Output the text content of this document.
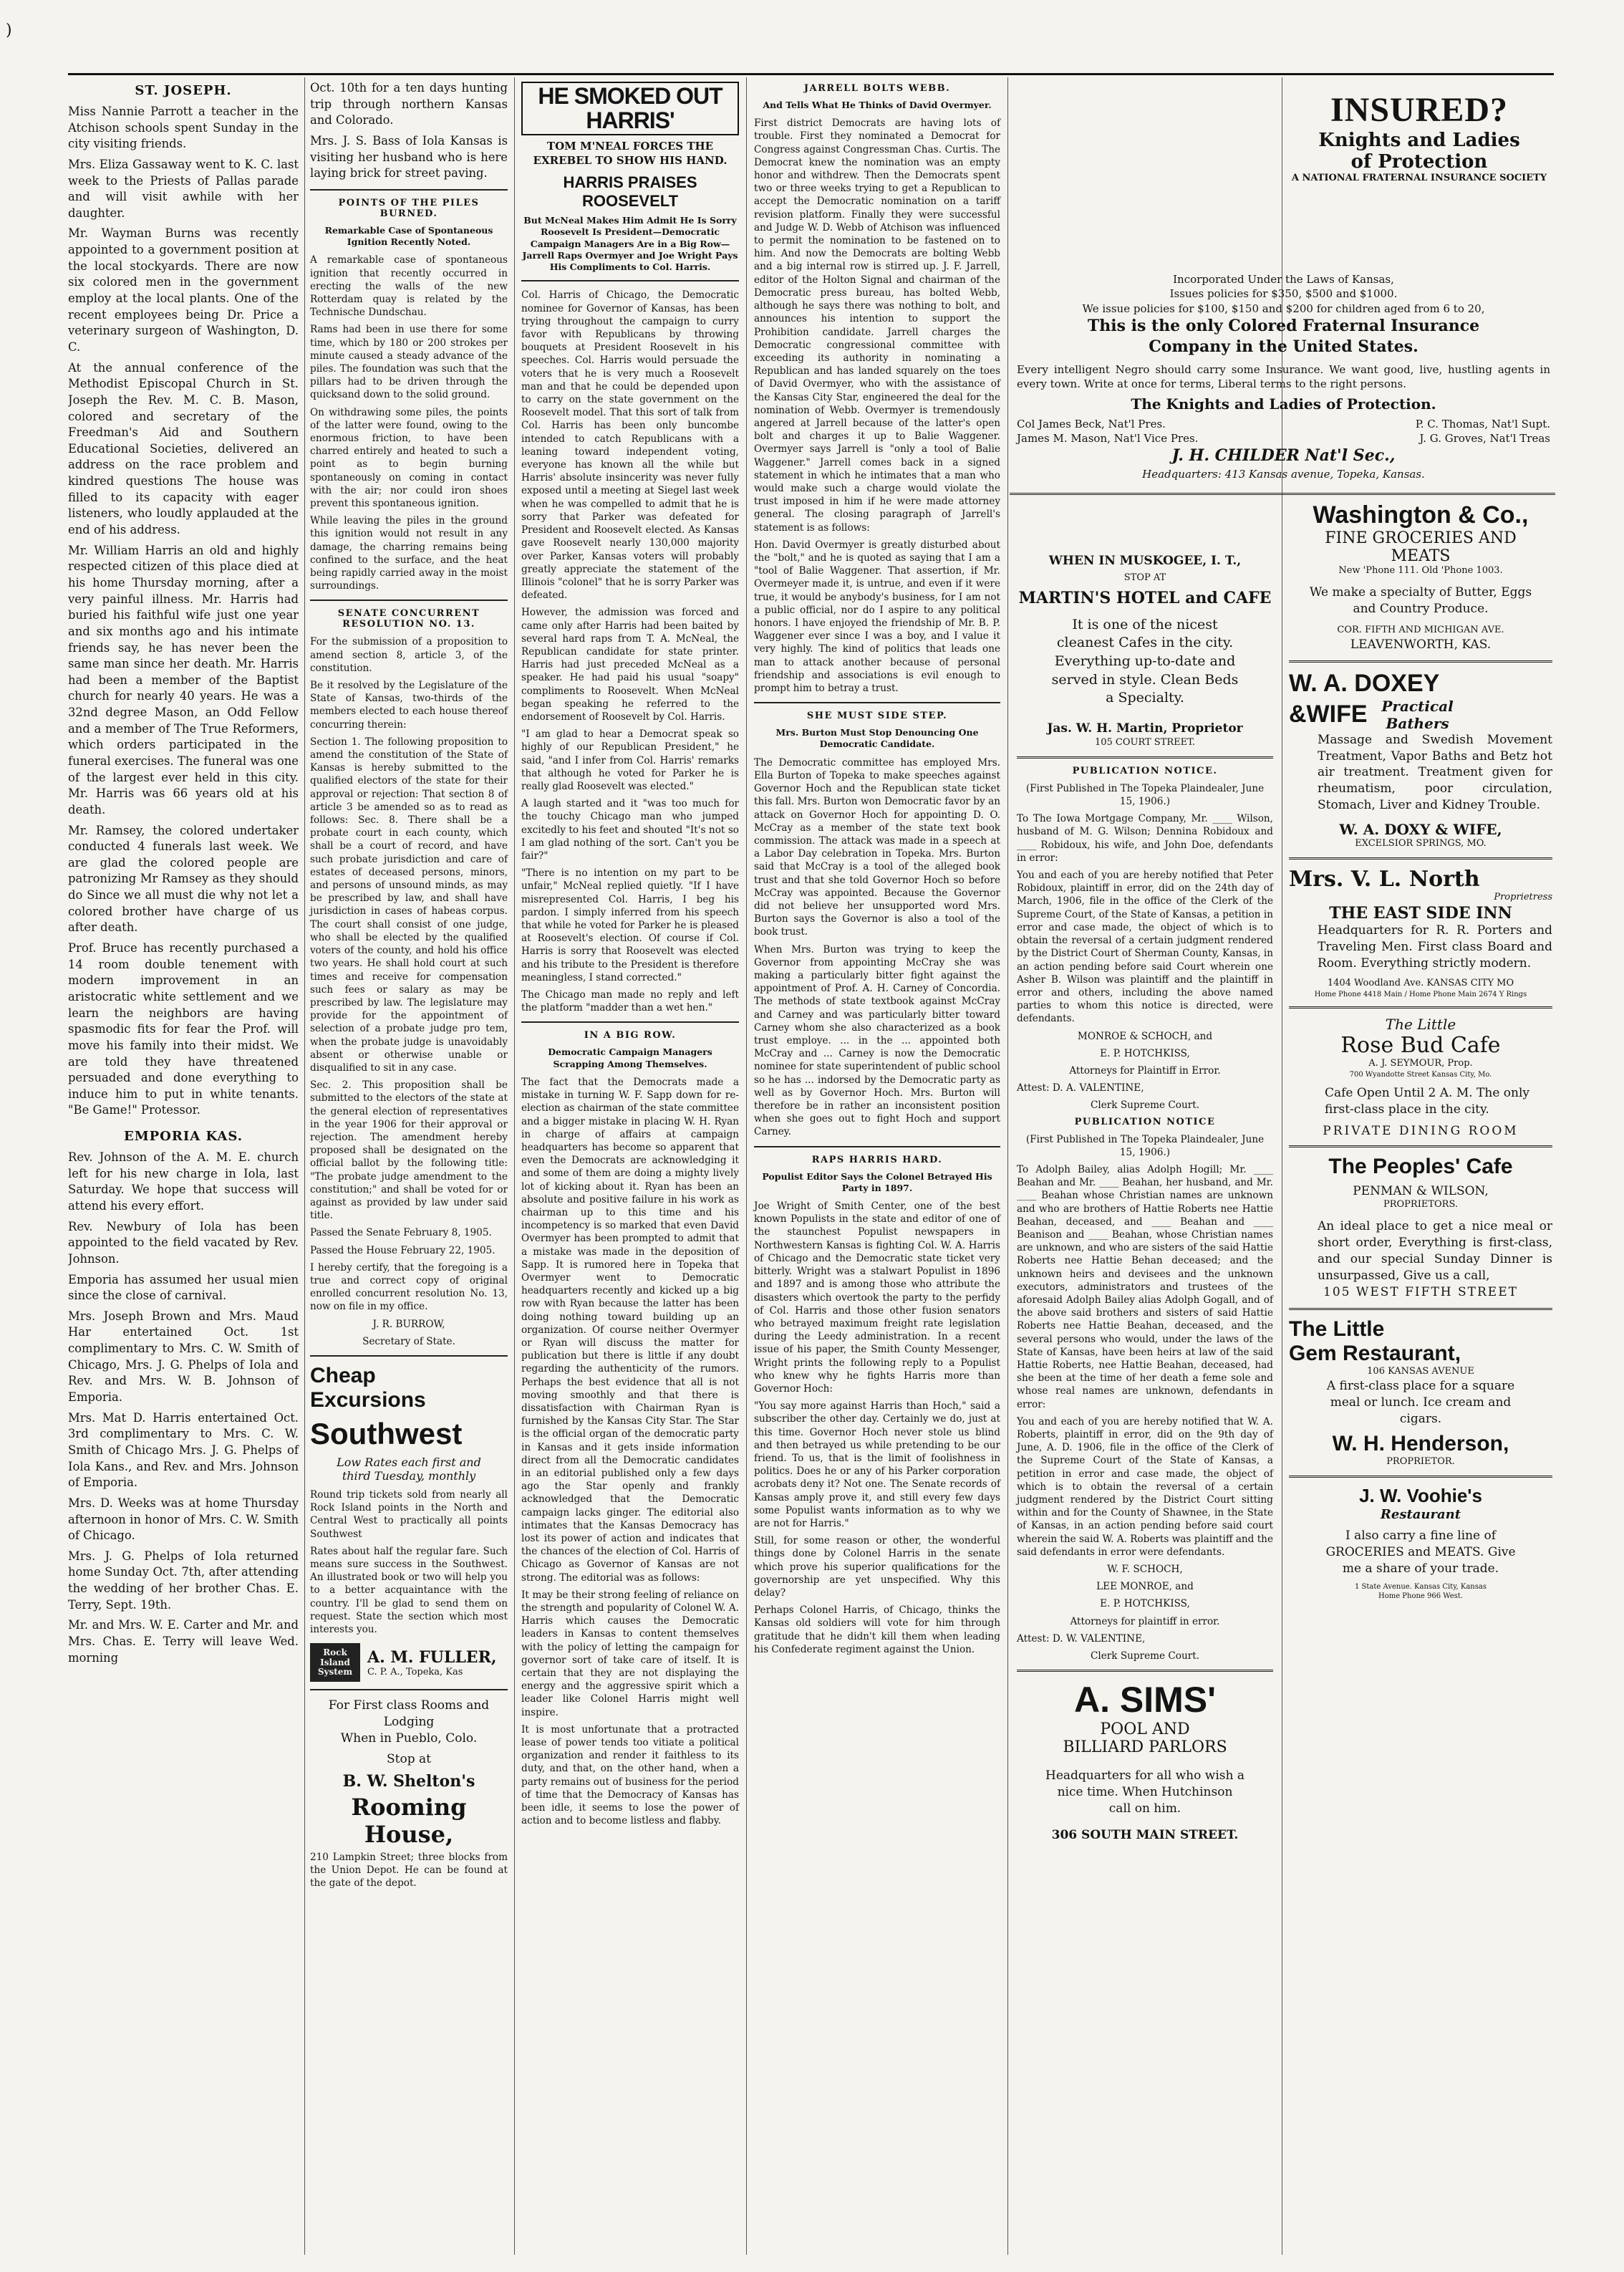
)
ST. JOSEPH.

Miss Nannie Parrott a teacher in the Atchison schools spent Sunday in the city visiting friends.

Mrs. Eliza Gassaway went to K. C. last week to the Priests of Pallas parade and will visit awhile with her daughter.

Mr. Wayman Burns was recently appointed to a government position at the local stockyards. There are now six colored men in the government employ at the local plants. One of the recent employees being Dr. Price a veterinary surgeon of Washington, D. C.

At the annual conference of the Methodist Episcopal Church in St. Joseph the Rev. M. C. B. Mason, colored and secretary of the Freedman's Aid and Southern Educational Societies, delivered an address on the race problem and kindred questions The house was filled to its capacity with eager listeners, who loudly applauded at the end of his address.

Mr. William Harris an old and highly respected citizen of this place died at his home Thursday morning, after a very painful illness. Mr. Harris had buried his faithful wife just one year and six months ago and his intimate friends say, he has never been the same man since her death. Mr. Harris had been a member of the Baptist church for nearly 40 years. He was a 32nd degree Mason, an Odd Fellow and a member of The True Reformers, which orders participated in the funeral exercises. The funeral was one of the largest ever held in this city. Mr. Harris was 66 years old at his death.

Mr. Ramsey, the colored undertaker conducted 4 funerals last week. We are glad the colored people are patronizing Mr Ramsey as they should do Since we all must die why not let a colored brother have charge of us after death.

Prof. Bruce has recently purchased a 14 room double tenement with modern improvement in an aristocratic white settlement and we learn the neighbors are having spasmodic fits for fear the Prof. will move his family into their midst. We are told they have threatened persuaded and done everything to induce him to put in white tenants. "Be Game!" Protessor.

EMPORIA KAS.

Rev. Johnson of the A. M. E. church left for his new charge in Iola, last Saturday. We hope that success will attend his every effort.

Rev. Newbury of Iola has been appointed to the field vacated by Rev. Johnson.

Emporia has assumed her usual mien since the close of carnival.

Mrs. Joseph Brown and Mrs. Maud Har entertained Oct. 1st complimentary to Mrs. C. W. Smith of Chicago, Mrs. J. G. Phelps of Iola and Rev. and Mrs. W. B. Johnson of Emporia.

Mrs. Mat D. Harris entertained Oct. 3rd complimentary to Mrs. C. W. Smith of Chicago Mrs. J. G. Phelps of Iola Kans., and Rev. and Mrs. Johnson of Emporia.

Mrs. D. Weeks was at home Thursday afternoon in honor of Mrs. C. W. Smith of Chicago.

Mrs. J. G. Phelps of Iola returned home Sunday Oct. 7th, after attending the wedding of her brother Chas. E. Terry, Sept. 19th.

Mr. and Mrs. W. E. Carter and Mr. and Mrs. Chas. E. Terry will leave Wed. morning

Oct. 10th for a ten days hunting trip through northern Kansas and Colorado.

Mrs. J. S. Bass of Iola Kansas is visiting her husband who is here laying brick for street paving.

POINTS OF THE PILES BURNED.
Remarkable Case of Spontaneous Ignition Recently Noted.

A remarkable case of spontaneous ignition that recently occurred in erecting the walls of the new Rotterdam quay is related by the Technische Dundschau.

Rams had been in use there for some time, which by 180 or 200 strokes per minute caused a steady advance of the piles. The foundation was such that the pillars had to be driven through the quicksand down to the solid ground.

On withdrawing some piles, the points of the latter were found, owing to the enormous friction, to have been charred entirely and heated to such a point as to begin burning spontaneously on coming in contact with the air; nor could iron shoes prevent this spontaneous ignition.

While leaving the piles in the ground this ignition would not result in any damage, the charring remains being confined to the surface, and the heat being rapidly carried away in the moist surroundings.

SENATE CONCURRENT RESOLUTION NO. 13.

For the submission of a proposition to amend section 8, article 3, of the constitution.

Be it resolved by the Legislature of the State of Kansas, two-thirds of the members elected to each house thereof concurring therein:

Section 1. The following proposition to amend the constitution of the State of Kansas is hereby submitted to the qualified electors of the state for their approval or rejection: That section 8 of article 3 be amended so as to read as follows: Sec. 8. There shall be a probate court in each county, which shall be a court of record, and have such probate jurisdiction and care of estates of deceased persons, minors, and persons of unsound minds, as may be prescribed by law, and shall have jurisdiction in cases of habeas corpus. The court shall consist of one judge, who shall be elected by the qualified voters of the county, and hold his office two years. He shall hold court at such times and receive for compensation such fees or salary as may be prescribed by law. The legislature may provide for the appointment of selection of a probate judge pro tem, when the probate judge is unavoidably absent or otherwise unable or disqualified to sit in any case.

Sec. 2. This proposition shall be submitted to the electors of the state at the general election of representatives in the year 1906 for their approval or rejection. The amendment hereby proposed shall be designated on the official ballot by the following title: "The probate judge amendment to the constitution;" and shall be voted for or against as provided by law under said title.

Passed the Senate February 8, 1905.

Passed the House February 22, 1905.

I hereby certify, that the foregoing is a true and correct copy of original enrolled concurrent resolution No. 13, now on file in my office.

J. R. BURROW,

Secretary of State.

Cheap
Excursions
Southwest
Low Rates each first and
third Tuesday, monthly

Round trip tickets sold from nearly all Rock Island points in the North and Central West to practically all points Southwest

Rates about half the regular fare. Such means sure success in the Southwest. An illustrated book or two will help you to a better acquaintance with the country. I'll be glad to send them on request. State the section which most interests you.

Rock Island System
A. M. FULLER,
C. P. A., Topeka, Kas
For First class Rooms and Lodging
When in Pueblo, Colo.
Stop at
B. W. Shelton's
Rooming House,

210 Lampkin Street; three blocks from the Union Depot. He can be found at the gate of the depot.

HE SMOKED OUT HARRIS'
TOM M'NEAL FORCES THE EXREBEL TO SHOW HIS HAND.
HARRIS PRAISES ROOSEVELT
But McNeal Makes Him Admit He Is Sorry Roosevelt Is President—Democratic Campaign Managers Are in a Big Row—Jarrell Raps Overmyer and Joe Wright Pays His Compliments to Col. Harris.

Col. Harris of Chicago, the Democratic nominee for Governor of Kansas, has been trying throughout the campaign to curry favor with Republicans by throwing bouquets at President Roosevelt in his speeches. Col. Harris would persuade the voters that he is very much a Roosevelt man and that he could be depended upon to carry on the state government on the Roosevelt model. That this sort of talk from Col. Harris has been only buncombe intended to catch Republicans with a leaning toward independent voting, everyone has known all the while but Harris' absolute insincerity was never fully exposed until a meeting at Siegel last week when he was compelled to admit that he is sorry that Parker was defeated for President and Roosevelt elected. As Kansas gave Roosevelt nearly 130,000 majority over Parker, Kansas voters will probably greatly appreciate the statement of the Illinois "colonel" that he is sorry Parker was defeated.

However, the admission was forced and came only after Harris had been baited by several hard raps from T. A. McNeal, the Republican candidate for state printer. Harris had just preceded McNeal as a speaker. He had paid his usual "soapy" compliments to Roosevelt. When McNeal began speaking he referred to the endorsement of Roosevelt by Col. Harris.

"I am glad to hear a Democrat speak so highly of our Republican President," he said, "and I infer from Col. Harris' remarks that although he voted for Parker he is really glad Roosevelt was elected."

A laugh started and it "was too much for the touchy Chicago man who jumped excitedly to his feet and shouted "It's not so I am glad nothing of the sort. Can't you be fair?"

"There is no intention on my part to be unfair," McNeal replied quietly. "If I have misrepresented Col. Harris, I beg his pardon. I simply inferred from his speech that while he voted for Parker he is pleased at Roosevelt's election. Of course if Col. Harris is sorry that Roosevelt was elected and his tribute to the President is therefore meaningless, I stand corrected."

The Chicago man made no reply and left the platform "madder than a wet hen."

IN A BIG ROW.
Democratic Campaign Managers Scrapping Among Themselves.

The fact that the Democrats made a mistake in turning W. F. Sapp down for re-election as chairman of the state committee and a bigger mistake in placing W. H. Ryan in charge of affairs at campaign headquarters has become so apparent that even the Democrats are acknowledging it and some of them are doing a mighty lively lot of kicking about it. Ryan has been an absolute and positive failure in his work as chairman up to this time and his incompetency is so marked that even David Overmyer has been prompted to admit that a mistake was made in the deposition of Sapp. It is rumored here in Topeka that Overmyer went to Democratic headquarters recently and kicked up a big row with Ryan because the latter has been doing nothing toward building up an organization. Of course neither Overmyer or Ryan will discuss the matter for publication but there is little if any doubt regarding the authenticity of the rumors. Perhaps the best evidence that all is not moving smoothly and that there is dissatisfaction with Chairman Ryan is furnished by the Kansas City Star. The Star is the official organ of the democratic party in Kansas and it gets inside information direct from all the Democratic candidates in an editorial published only a few days ago the Star openly and frankly acknowledged that the Democratic campaign lacks ginger. The editorial also intimates that the Kansas Democracy has lost its power of action and indicates that the chances of the election of Col. Harris of Chicago as Governor of Kansas are not strong. The editorial was as follows:

It may be their strong feeling of reliance on the strength and popularity of Colonel W. A. Harris which causes the Democratic leaders in Kansas to content themselves with the policy of letting the campaign for governor sort of take care of itself. It is certain that they are not displaying the energy and the aggressive spirit which a leader like Colonel Harris might well inspire.

It is most unfortunate that a protracted lease of power tends too vitiate a political organization and render it faithless to its duty, and that, on the other hand, when a party remains out of business for the period of time that the Democracy of Kansas has been idle, it seems to lose the power of action and to become listless and flabby.

JARRELL BOLTS WEBB.
And Tells What He Thinks of David Overmyer.

First district Democrats are having lots of trouble. First they nominated a Democrat for Congress against Congressman Chas. Curtis. The Democrat knew the nomination was an empty honor and withdrew. Then the Democrats spent two or three weeks trying to get a Republican to accept the Democratic nomination on a tariff revision platform. Finally they were successful and Judge W. D. Webb of Atchison was influenced to permit the nomination to be fastened on to him. And now the Democrats are bolting Webb and a big internal row is stirred up. J. F. Jarrell, editor of the Holton Signal and chairman of the Democratic press bureau, has bolted Webb, although he says there was nothing to bolt, and announces his intention to support the Prohibition candidate. Jarrell charges the Democratic congressional committee with exceeding its authority in nominating a Republican and has landed squarely on the toes of David Overmyer, who with the assistance of the Kansas City Star, engineered the deal for the nomination of Webb. Overmyer is tremendously angered at Jarrell because of the latter's open bolt and charges it up to Balie Waggener. Overmyer says Jarrell is "only a tool of Balie Waggener." Jarrell comes back in a signed statement in which he intimates that a man who would make such a charge would violate the trust imposed in him if he were made attorney general. The closing paragraph of Jarrell's statement is as follows:

Hon. David Overmyer is greatly disturbed about the "bolt," and he is quoted as saying that I am a "tool of Balie Waggener. That assertion, if Mr. Overmeyer made it, is untrue, and even if it were true, it would be anybody's business, for I am not a public official, nor do I aspire to any political honors. I have enjoyed the friendship of Mr. B. P. Waggener ever since I was a boy, and I value it very highly. The kind of politics that leads one man to attack another because of personal friendship and associations is evil enough to prompt him to betray a trust.

SHE MUST SIDE STEP.
Mrs. Burton Must Stop Denouncing One Democratic Candidate.

The Democratic committee has employed Mrs. Ella Burton of Topeka to make speeches against Governor Hoch and the Republican state ticket this fall. Mrs. Burton won Democratic favor by an attack on Governor Hoch for appointing D. O. McCray as a member of the state text book commission. The attack was made in a speech at a Labor Day celebration in Topeka. Mrs. Burton said that McCray is a tool of the alleged book trust and that she told Governor Hoch so before McCray was appointed. Because the Governor did not believe her unsupported word Mrs. Burton says the Governor is also a tool of the book trust.

When Mrs. Burton was trying to keep the Governor from appointing McCray she was making a particularly bitter fight against the appointment of Prof. A. H. Carney of Concordia. The methods of state textbook against McCray and Carney and was particularly bitter toward Carney whom she also characterized as a book trust employe. ... in the ... appointed both McCray and ... Carney is now the Democratic nominee for state superintendent of public school so he has ... indorsed by the Democratic party as well as by Governor Hoch. Mrs. Burton will therefore be in rather an inconsistent position when she goes out to fight Hoch and support Carney.

RAPS HARRIS HARD.
Populist Editor Says the Colonel Betrayed His Party in 1897.

Joe Wright of Smith Center, one of the best known Populists in the state and editor of one of the staunchest Populist newspapers in Northwestern Kansas is fighting Col. W. A. Harris of Chicago and the Democratic state ticket very bitterly. Wright was a stalwart Populist in 1896 and 1897 and is among those who attribute the disasters which overtook the party to the perfidy of Col. Harris and those other fusion senators who betrayed maximum freight rate legislation during the Leedy administration. In a recent issue of his paper, the Smith County Messenger, Wright prints the following reply to a Populist who knew why he fights Harris more than Governor Hoch:

"You say more against Harris than Hoch," said a subscriber the other day. Certainly we do, just at this time. Governor Hoch never stole us blind and then betrayed us while pretending to be our friend. To us, that is the limit of foolishness in politics. Does he or any of his Parker corporation acrobats deny it? Not one. The Senate records of Kansas amply prove it, and still every few days some Populist wants information as to why we are not for Harris."

Still, for some reason or other, the wonderful things done by Colonel Harris in the senate which prove his superior qualifications for the governorship are yet unspecified. Why this delay?

Perhaps Colonel Harris, of Chicago, thinks the Kansas old soldiers will vote for him through gratitude that he didn't kill them when leading his Confederate regiment against the Union.

WHEN IN MUSKOGEE, I. T.,
STOP AT
MARTIN'S HOTEL and CAFE
It is one of the nicest cleanest Cafes in the city. Everything up-to-date and served in style. Clean Beds a Specialty.
Jas. W. H. Martin, Proprietor
105 COURT STREET.
PUBLICATION NOTICE.

(First Published in The Topeka Plaindealer, June 15, 1906.)

To The Iowa Mortgage Company, Mr. ____ Wilson, husband of M. G. Wilson; Dennina Robidoux and ____ Robidoux, his wife, and John Doe, defendants in error:

You and each of you are hereby notified that Peter Robidoux, plaintiff in error, did on the 24th day of March, 1906, file in the office of the Clerk of the Supreme Court, of the State of Kansas, a petition in error and case made, the object of which is to obtain the reversal of a certain judgment rendered by the District Court of Sherman County, Kansas, in an action pending before said Court wherein one Asher B. Wilson was plaintiff and the plaintiff in error and others, including the above named parties to whom this notice is directed, were defendants.

MONROE & SCHOCH, and

E. P. HOTCHKISS,

Attorneys for Plaintiff in Error.

Attest: D. A. VALENTINE,

Clerk Supreme Court.

PUBLICATION NOTICE

(First Published in The Topeka Plaindealer, June 15, 1906.)

To Adolph Bailey, alias Adolph Hogill; Mr. ____ Beahan and Mr. ____ Beahan, her husband, and Mr. ____ Beahan whose Christian names are unknown and who are brothers of Hattie Roberts nee Hattie Beahan, deceased, and ____ Beahan and ____ Beanison and ____ Beahan, whose Christian names are unknown, and who are sisters of the said Hattie Roberts nee Hattie Behan deceased; and the unknown heirs and devisees and the unknown executors, administrators and trustees of the aforesaid Adolph Bailey alias Adolph Gogall, and of the above said brothers and sisters of said Hattie Roberts nee Hattie Beahan, deceased, and the several persons who would, under the laws of the State of Kansas, have been heirs at law of the said Hattie Roberts, nee Hattie Beahan, deceased, had she been at the time of her death a feme sole and whose real names are unknown, defendants in error:

You and each of you are hereby notified that W. A. Roberts, plaintiff in error, did on the 9th day of June, A. D. 1906, file in the office of the Clerk of the Supreme Court of the State of Kansas, a petition in error and case made, the object of which is to obtain the reversal of a certain judgment rendered by the District Court sitting within and for the County of Shawnee, in the State of Kansas, in an action pending before said court wherein the said W. A. Roberts was plaintiff and the said defendants in error were defendants.

W. F. SCHOCH,

LEE MONROE, and

E. P. HOTCHKISS,

Attorneys for plaintiff in error.

Attest: D. W. VALENTINE,

Clerk Supreme Court.

A. SIMS'
POOL AND BILLIARD PARLORS
Headquarters for all who wish a nice time. When Hutchinson call on him.
306 SOUTH MAIN STREET.
INSURED?
Knights and Ladies
of Protection
A NATIONAL FRATERNAL INSURANCE SOCIETY
Incorporated Under the Laws of Kansas,
Issues policies for $350, $500 and $1000.
We issue policies for $100, $150 and $200 for children aged from 6 to 20,
This is the only Colored Fraternal Insurance Company in the United States.
Every intelligent Negro should carry some Insurance. We want good, live, hustling agents in every town. Write at once for terms, Liberal terms to the right persons.
The Knights and Ladies of Protection.
Col James Beck, Nat'l Pres.	P. C. Thomas, Nat'l Supt.
James M. Mason, Nat'l Vice Pres.	J. G. Groves, Nat'l Treas
J. H. CHILDER Nat'l Sec.,
Headquarters: 413 Kansas avenue, Topeka, Kansas.
Washington & Co.,
FINE GROCERIES AND MEATS
New 'Phone 111. Old 'Phone 1003.
We make a specialty of Butter, Eggs and Country Produce.
COR. FIFTH AND MICHIGAN AVE.
LEAVENWORTH, KAS.
W. A. DOXEY
&WIFE Practical Bathers
Massage and Swedish Movement Treatment, Vapor Baths and Betz hot air treatment. Treatment given for rheumatism, poor circulation, Stomach, Liver and Kidney Trouble.
W. A. DOXY & WIFE,
EXCELSIOR SPRINGS, MO.
Mrs. V. L. North
Proprietress
THE EAST SIDE INN
Headquarters for R. R. Porters and Traveling Men. First class Board and Room. Everything strictly modern.
1404 Woodland Ave. KANSAS CITY MO
Home Phone 4418 Main / Home Phone Main 2674 Y Rings
The Little
Rose Bud Cafe
A. J. SEYMOUR, Prop.
700 Wyandotte Street Kansas City, Mo.
Cafe Open Until 2 A. M. The only first-class place in the city.
PRIVATE DINING ROOM
The Peoples' Cafe
PENMAN & WILSON,
PROPRIETORS.
An ideal place to get a nice meal or short order, Everything is first-class, and our special Sunday Dinner is unsurpassed, Give us a call,
105 WEST FIFTH STREET
The Little
Gem Restaurant,
106 KANSAS AVENUE
A first-class place for a square meal or lunch. Ice cream and cigars.
W. H. Henderson,
PROPRIETOR.
J. W. Voohie's
Restaurant
I also carry a fine line of GROCERIES and MEATS. Give me a share of your trade.
1 State Avenue. Kansas City, Kansas
Home Phone 966 West.
